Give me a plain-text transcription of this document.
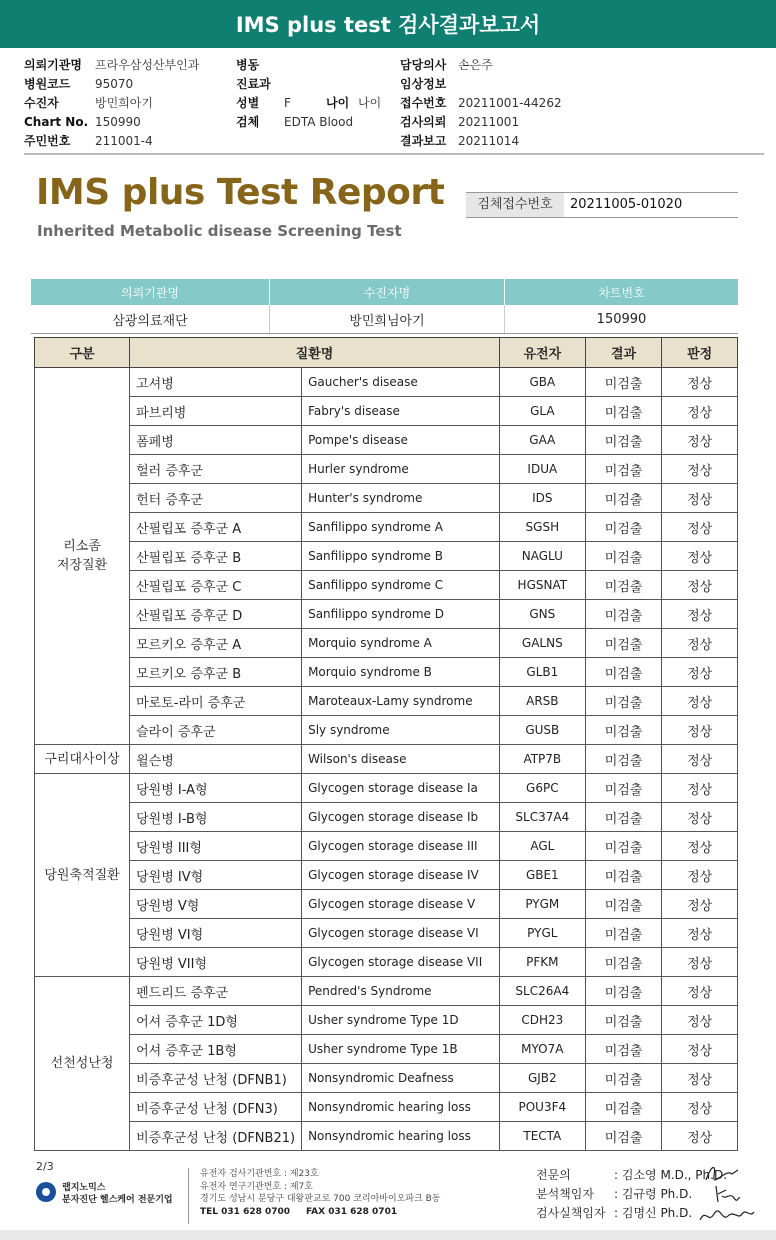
IMS plus test 검사결과보고서
의뢰기관명 프라우삼성산부인과
병원코드 95070
수진자	방민희아기
Chart No. 150990
주민번호 211001-4
병동
진료과
성별 F	나이 나이
검체 EDTA Blood
담당의사 손은주
임상정보
접수번호 20211001-44262
검사의뢰 20211001
결과보고 20211014
IMS plus Test Report
Inherited Metabolic disease Screening Test
검체접수번호	20211005-01020
의뢰기관명	수진자명	차트번호
삼광의료재단	방민희님아기	150990
구분	질환명		유전자	결과	판정
리소좀
저장질환	고셔병	Gaucher's disease	GBA	미검출	정상
	파브리병	Fabry's disease	GLA	미검출	정상
	폼페병	Pompe's disease	GAA	미검출	정상
	헐러 증후군	Hurler syndrome	IDUA	미검출	정상
	헌터 증후군	Hunter's syndrome	IDS	미검출	정상
	산필립포 증후군 A	Sanfilippo syndrome A	SGSH	미검출	정상
	산필립포 증후군 B	Sanfilippo syndrome B	NAGLU	미검출	정상
	산필립포 증후군 C	Sanfilippo syndrome C	HGSNAT	미검출	정상
	산필립포 증후군 D	Sanfilippo syndrome D	GNS	미검출	정상
	모르키오 증후군 A	Morquio syndrome A	GALNS	미검출	정상
	모르키오 증후군 B	Morquio syndrome B	GLB1	미검출	정상
	마로토-라미 증후군	Maroteaux-Lamy syndrome	ARSB	미검출	정상
	슬라이 증후군	Sly syndrome	GUSB	미검출	정상
구리대사이상	윌슨병	Wilson's disease	ATP7B	미검출	정상
당원축적질환	당원병 I-A형	Glycogen storage disease Ia	G6PC	미검출	정상
	당원병 I-B형	Glycogen storage disease Ib	SLC37A4	미검출	정상
	당원병 III형	Glycogen storage disease III	AGL	미검출	정상
	당원병 IV형	Glycogen storage disease IV	GBE1	미검출	정상
	당원병 V형	Glycogen storage disease V	PYGM	미검출	정상
	당원병 VI형	Glycogen storage disease VI	PYGL	미검출	정상
	당원병 VII형	Glycogen storage disease VII	PFKM	미검출	정상
선천성난청	펜드리드 증후군	Pendred's Syndrome	SLC26A4	미검출	정상
	어셔 증후군 1D형	Usher syndrome Type 1D	CDH23	미검출	정상
	어셔 증후군 1B형	Usher syndrome Type 1B	MYO7A	미검출	정상
	비증후군성 난청 (DFNB1)	Nonsyndromic Deafness	GJB2	미검출	정상
	비증후군성 난청 (DFN3)	Nonsyndromic hearing loss	POU3F4	미검출	정상
	비증후군성 난청 (DFNB21)	Nonsyndromic hearing loss	TECTA	미검출	정상
2/3
랩지노믹스
분자진단 헬스케어 전문기업
유전자 검사기관번호 : 제23호
유전자 연구기관번호 : 제7호
경기도 성남시 분당구 대왕판교로 700 코리아바이오파크 B동
TEL 031 628 0700 FAX 031 628 0701
전문의	: 김소영 M.D., Ph.D.
분석책임자 : 김규령 Ph.D.
검사실책임자 : 김명신 Ph.D.
